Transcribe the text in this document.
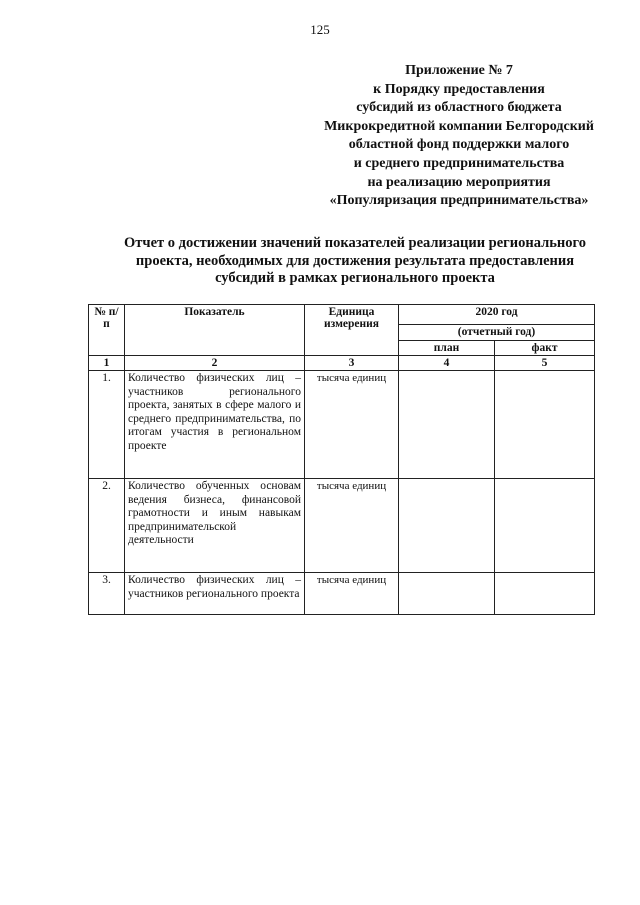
125
Приложение № 7
к Порядку предоставления
субсидий из областного бюджета
Микрокредитной компании Белгородский
областной фонд поддержки малого
и среднего предпринимательства
на реализацию мероприятия
«Популяризация предпринимательства»
Отчет о достижении значений показателей реализации регионального
проекта, необходимых для достижения результата предоставления
субсидий в рамках регионального проекта
№ п/п	Показатель	Единица измерения	2020 год	
			(отчетный год)	
			план	факт
1	2	3	4	5
1.	Количество физических лиц – участников регионального проекта, занятых в сфере малого и среднего предпринимательства, по итогам участия в региональном проекте	тысяча единиц		
2.	Количество обученных основам ведения бизнеса, финансовой грамотности и иным навыкам предпринимательской деятельности	тысяча единиц		
3.	Количество физических лиц – участников регионального проекта	тысяча единиц		
